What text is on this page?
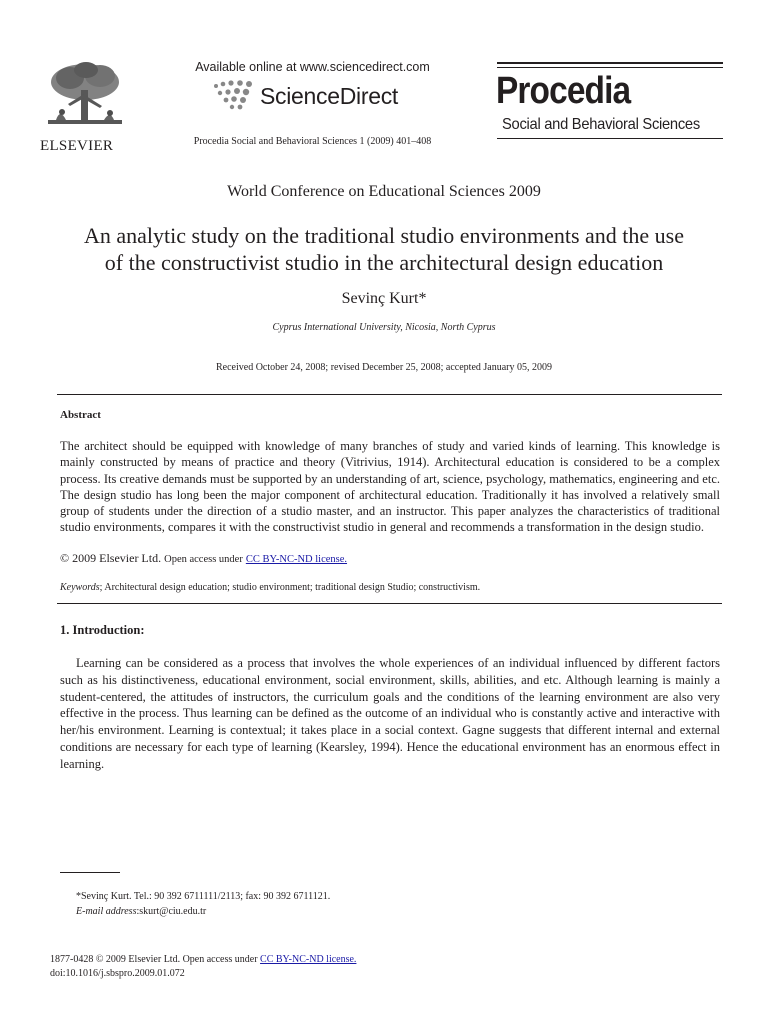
Available online at www.sciencedirect.com
ELSEVIER
ScienceDirect
Procedia Social and Behavioral Sciences 1 (2009) 401–408
Procedia
Social and Behavioral Sciences
World Conference on Educational Sciences 2009
An analytic study on the traditional studio environments and the use
of the constructivist studio in the architectural design education
Sevinç Kurt*
Cyprus International University, Nicosia, North Cyprus
Received October 24, 2008; revised December 25, 2008; accepted January 05, 2009
Abstract
The architect should be equipped with knowledge of many branches of study and varied kinds of learning. This knowledge is mainly constructed by means of practice and theory (Vitrivius, 1914). Architectural education is considered to be a complex process. Its creative demands must be supported by an understanding of art, science, psychology, mathematics, engineering and etc. The design studio has long been the major component of architectural education. Traditionally it has involved a relatively small group of students under the direction of a studio master, and an instructor. This paper analyzes the characteristics of traditional studio environments, compares it with the constructivist studio in general and recommends a transformation in the design studio.
© 2009 Elsevier Ltd. Open access under CC BY-NC-ND license.
Keywords; Architectural design education; studio environment; traditional design Studio; constructivism.
1. Introduction:
Learning can be considered as a process that involves the whole experiences of an individual influenced by different factors such as his distinctiveness, educational environment, social environment, skills, abilities, and etc. Although learning is mainly a student-centered, the attitudes of instructors, the curriculum goals and the conditions of the learning environment are also very effective in the process. Thus learning can be defined as the outcome of an individual who is constantly active and interactive with her/his environment. Learning is contextual; it takes place in a social context. Gagne suggests that different internal and external conditions are necessary for each type of learning (Kearsley, 1994). Hence the educational environment has an enormous effect in learning.
*Sevinç Kurt. Tel.: 90 392 6711111/2113; fax: 90 392 6711121.
E-mail address:skurt@ciu.edu.tr
1877-0428 © 2009 Elsevier Ltd. Open access under CC BY-NC-ND license.
doi:10.1016/j.sbspro.2009.01.072
